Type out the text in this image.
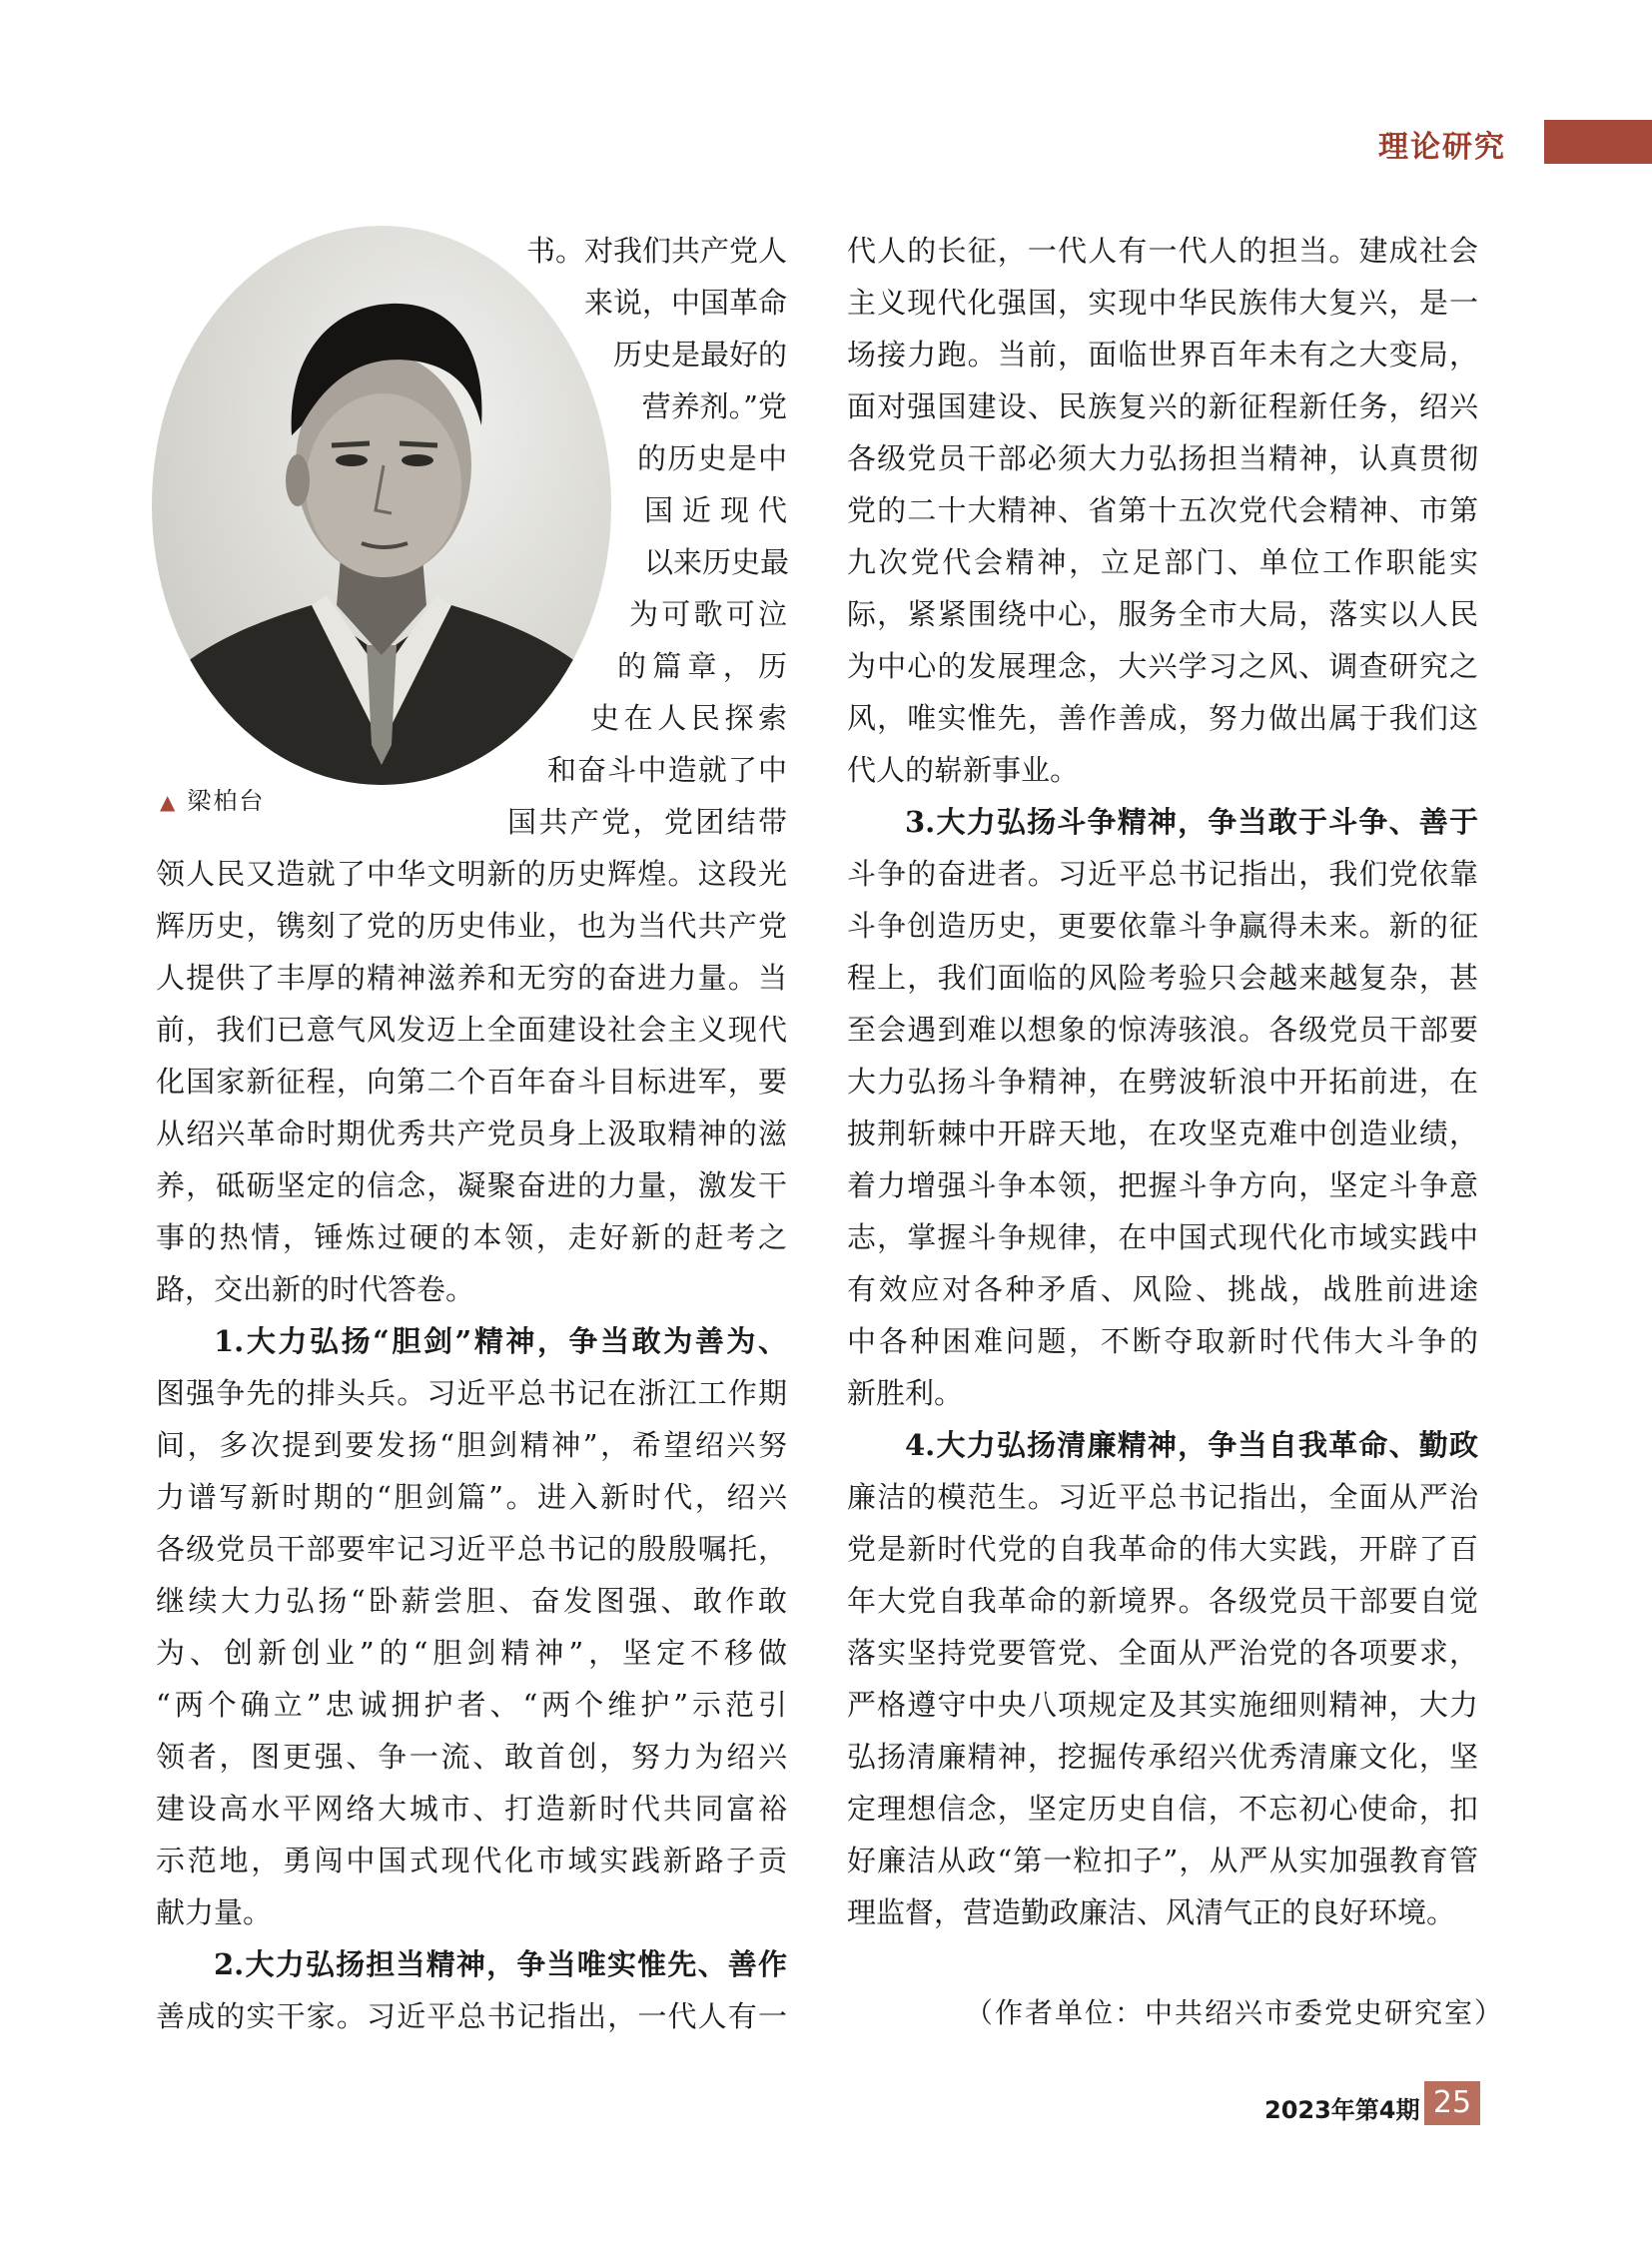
理论研究
▲ 梁柏台
书。对我们共产党人
来说，中国革命
历史是最好的
营养剂。”党
的历史是中
国近现代
以来历史最
为可歌可泣
的篇章，历
史在人民探索
和奋斗中造就了中
国共产党，党团结带
领人民又造就了中华文明新的历史辉煌。这段光
辉历史，镌刻了党的历史伟业，也为当代共产党
人提供了丰厚的精神滋养和无穷的奋进力量。当
前，我们已意气风发迈上全面建设社会主义现代
化国家新征程，向第二个百年奋斗目标进军，要
从绍兴革命时期优秀共产党员身上汲取精神的滋
养，砥砺坚定的信念，凝聚奋进的力量，激发干
事的热情，锤炼过硬的本领，走好新的赶考之
路，交出新的时代答卷。
1.大力弘扬“胆剑”精神，争当敢为善为、
图强争先的排头兵。习近平总书记在浙江工作期
间，多次提到要发扬“胆剑精神”，希望绍兴努
力谱写新时期的“胆剑篇”。进入新时代，绍兴
各级党员干部要牢记习近平总书记的殷殷嘱托，
继续大力弘扬“卧薪尝胆、奋发图强、敢作敢
为、创新创业”的“胆剑精神”，坚定不移做
“两个确立”忠诚拥护者、“两个维护”示范引
领者，图更强、争一流、敢首创，努力为绍兴
建设高水平网络大城市、打造新时代共同富裕
示范地，勇闯中国式现代化市域实践新路子贡
献力量。
2.大力弘扬担当精神，争当唯实惟先、善作
善成的实干家。习近平总书记指出，一代人有一
代人的长征，一代人有一代人的担当。建成社会
主义现代化强国，实现中华民族伟大复兴，是一
场接力跑。当前，面临世界百年未有之大变局，
面对强国建设、民族复兴的新征程新任务，绍兴
各级党员干部必须大力弘扬担当精神，认真贯彻
党的二十大精神、省第十五次党代会精神、市第
九次党代会精神，立足部门、单位工作职能实
际，紧紧围绕中心，服务全市大局，落实以人民
为中心的发展理念，大兴学习之风、调查研究之
风，唯实惟先，善作善成，努力做出属于我们这
代人的崭新事业。
3.大力弘扬斗争精神，争当敢于斗争、善于
斗争的奋进者。习近平总书记指出，我们党依靠
斗争创造历史，更要依靠斗争赢得未来。新的征
程上，我们面临的风险考验只会越来越复杂，甚
至会遇到难以想象的惊涛骇浪。各级党员干部要
大力弘扬斗争精神，在劈波斩浪中开拓前进，在
披荆斩棘中开辟天地，在攻坚克难中创造业绩，
着力增强斗争本领，把握斗争方向，坚定斗争意
志，掌握斗争规律，在中国式现代化市域实践中
有效应对各种矛盾、风险、挑战，战胜前进途
中各种困难问题，不断夺取新时代伟大斗争的
新胜利。
4.大力弘扬清廉精神，争当自我革命、勤政
廉洁的模范生。习近平总书记指出，全面从严治
党是新时代党的自我革命的伟大实践，开辟了百
年大党自我革命的新境界。各级党员干部要自觉
落实坚持党要管党、全面从严治党的各项要求，
严格遵守中央八项规定及其实施细则精神，大力
弘扬清廉精神，挖掘传承绍兴优秀清廉文化，坚
定理想信念，坚定历史自信，不忘初心使命，扣
好廉洁从政“第一粒扣子”，从严从实加强教育管
理监督，营造勤政廉洁、风清气正的良好环境。
（作者单位：中共绍兴市委党史研究室）
2023年第4期 25
